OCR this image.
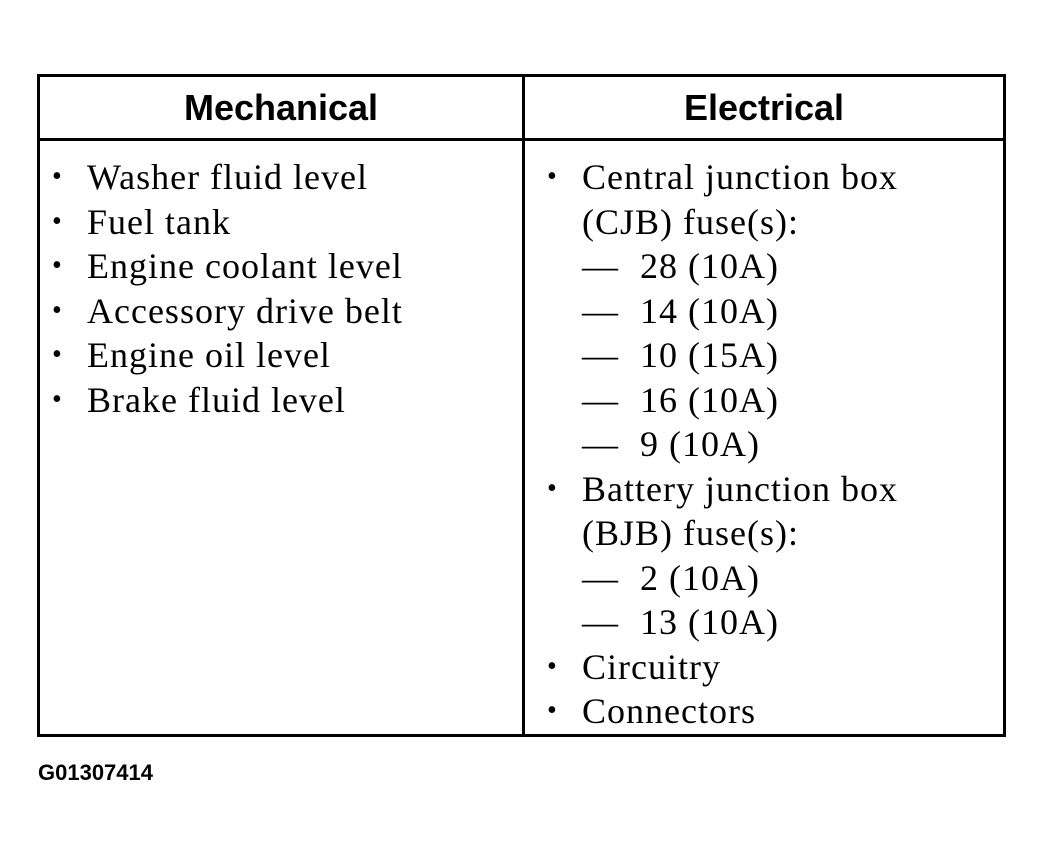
Mechanical	Electrical
• Washer fluid level
• Fuel tank
• Engine coolant level
• Accessory drive belt
• Engine oil level
• Brake fluid level
• Central junction box
(CJB) fuse(s):
— 28 (10A)
— 14 (10A)
— 10 (15A)
— 16 (10A)
— 9 (10A)
• Battery junction box
(BJB) fuse(s):
— 2 (10A)
— 13 (10A)
• Circuitry
• Connectors
G01307414
